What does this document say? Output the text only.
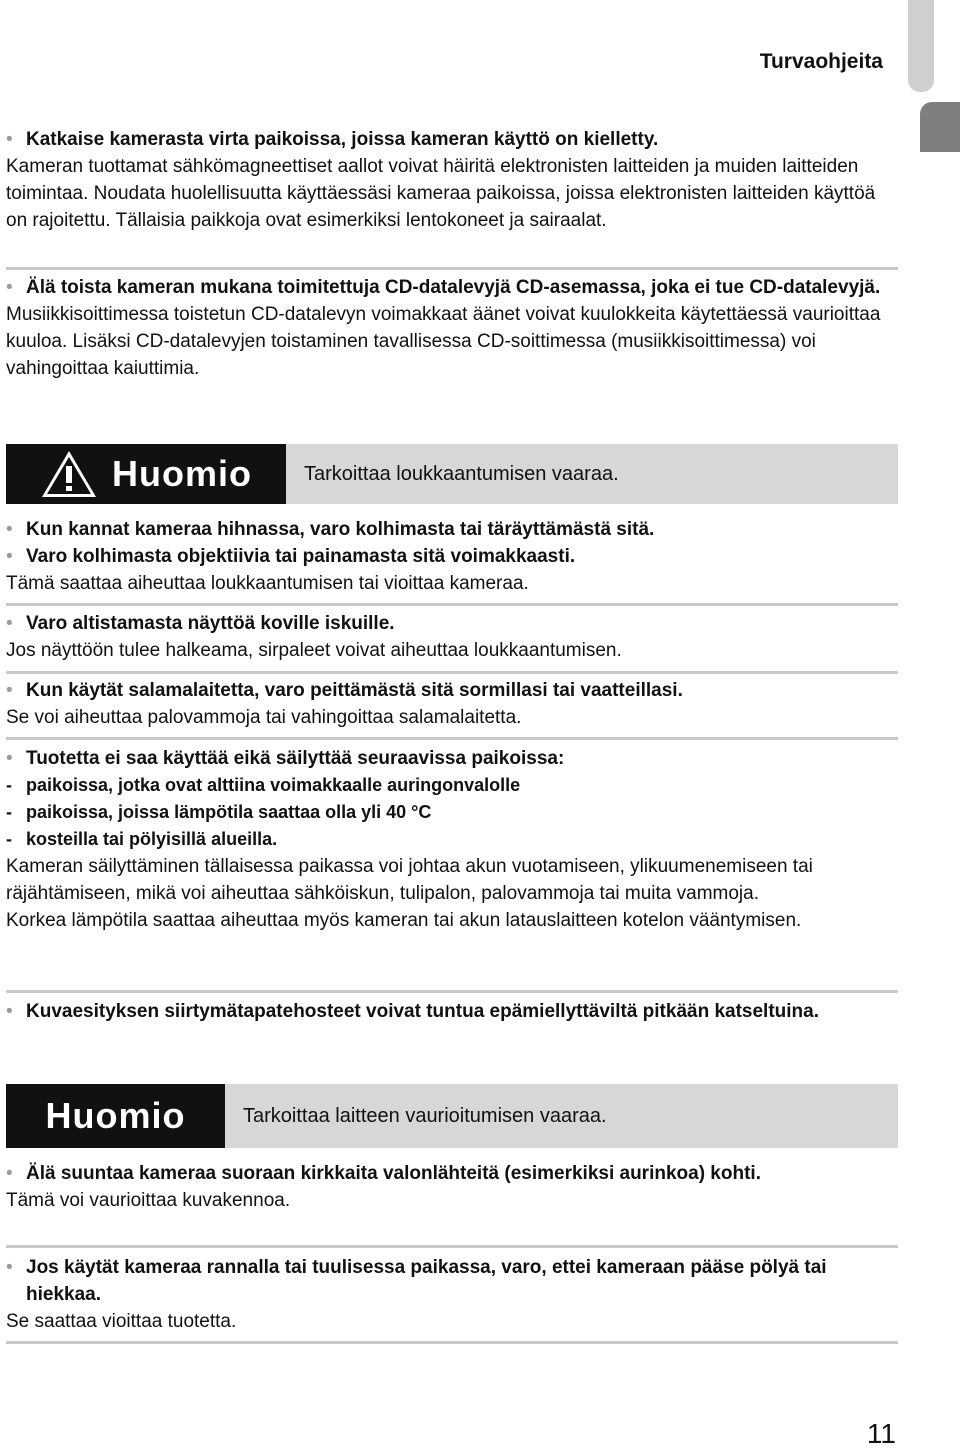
Turvaohjeita

• Katkaise kamerasta virta paikoissa, joissa kameran käyttö on kielletty.

Kameran tuottamat sähkömagneettiset aallot voivat häiritä elektronisten laitteiden ja muiden laitteiden toimintaa. Noudata huolellisuutta käyttäessäsi kameraa paikoissa, joissa elektronisten laitteiden käyttöä on rajoitettu. Tällaisia paikkoja ovat esimerkiksi lentokoneet ja sairaalat.

• Älä toista kameran mukana toimitettuja CD-datalevyjä CD-asemassa, joka ei tue CD-datalevyjä.

Musiikkisoittimessa toistetun CD-datalevyn voimakkaat äänet voivat kuulokkeita käytettäessä vaurioittaa kuuloa. Lisäksi CD-datalevyjen toistaminen tavallisessa CD-soittimessa (musiikkisoittimessa) voi vahingoittaa kaiuttimia.

Huomio	Tarkoittaa loukkaantumisen vaaraa.

• Kun kannat kameraa hihnassa, varo kolhimasta tai täräyttämästä sitä.

• Varo kolhimasta objektiivia tai painamasta sitä voimakkaasti.

Tämä saattaa aiheuttaa loukkaantumisen tai vioittaa kameraa.

• Varo altistamasta näyttöä koville iskuille.

Jos näyttöön tulee halkeama, sirpaleet voivat aiheuttaa loukkaantumisen.

• Kun käytät salamalaitetta, varo peittämästä sitä sormillasi tai vaatteillasi.

Se voi aiheuttaa palovammoja tai vahingoittaa salamalaitetta.

• Tuotetta ei saa käyttää eikä säilyttää seuraavissa paikoissa:

- paikoissa, jotka ovat alttiina voimakkaalle auringonvalolle

- paikoissa, joissa lämpötila saattaa olla yli 40 °C

- kosteilla tai pölyisillä alueilla.

Kameran säilyttäminen tällaisessa paikassa voi johtaa akun vuotamiseen, ylikuumenemiseen tai räjähtämiseen, mikä voi aiheuttaa sähköiskun, tulipalon, palovammoja tai muita vammoja.

Korkea lämpötila saattaa aiheuttaa myös kameran tai akun latauslaitteen kotelon vääntymisen.

• Kuvaesityksen siirtymätapatehosteet voivat tuntua epämiellyttäviltä pitkään katseltuina.

Huomio	Tarkoittaa laitteen vaurioitumisen vaaraa.

• Älä suuntaa kameraa suoraan kirkkaita valonlähteitä (esimerkiksi aurinkoa) kohti.

Tämä voi vaurioittaa kuvakennoa.

• Jos käytät kameraa rannalla tai tuulisessa paikassa, varo, ettei kameraan pääse pölyä tai hiekkaa.

Se saattaa vioittaa tuotetta.

11
